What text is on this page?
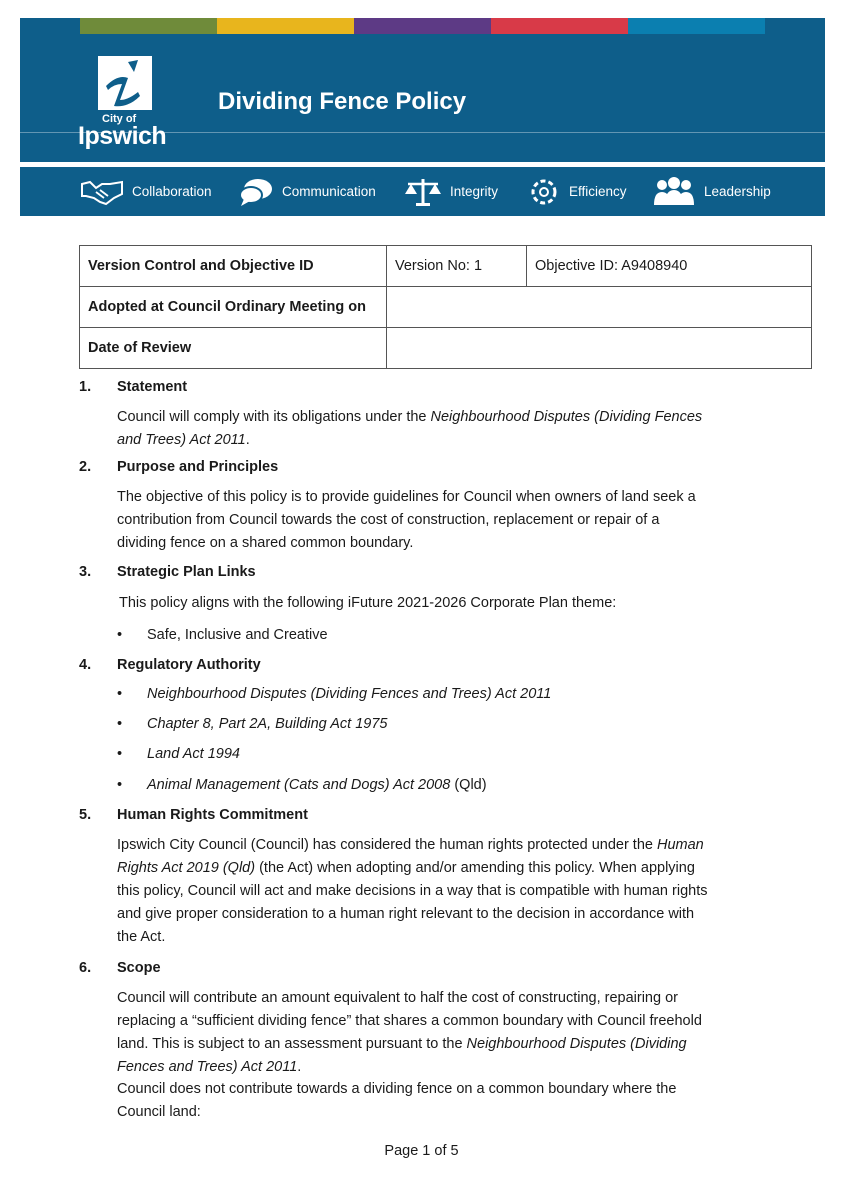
City of
Ipswich
Dividing Fence Policy
Collaboration	Communication	Integrity	Efficiency	Leadership
Version Control and Objective ID	Version No: 1	Objective ID: A9408940
Adopted at Council Ordinary Meeting on		
Date of Review		
1. Statement
Council will comply with its obligations under the Neighbourhood Disputes (Dividing Fences
and Trees) Act 2011.
2. Purpose and Principles
The objective of this policy is to provide guidelines for Council when owners of land seek a
contribution from Council towards the cost of construction, replacement or repair of a
dividing fence on a shared common boundary.
3. Strategic Plan Links
This policy aligns with the following iFuture 2021-2026 Corporate Plan theme:
• Safe, Inclusive and Creative
4. Regulatory Authority
• Neighbourhood Disputes (Dividing Fences and Trees) Act 2011
• Chapter 8, Part 2A, Building Act 1975
• Land Act 1994
• Animal Management (Cats and Dogs) Act 2008 (Qld)
5. Human Rights Commitment
Ipswich City Council (Council) has considered the human rights protected under the Human
Rights Act 2019 (Qld) (the Act) when adopting and/or amending this policy. When applying
this policy, Council will act and make decisions in a way that is compatible with human rights
and give proper consideration to a human right relevant to the decision in accordance with
the Act.
6. Scope
Council will contribute an amount equivalent to half the cost of constructing, repairing or
replacing a “sufficient dividing fence” that shares a common boundary with Council freehold
land. This is subject to an assessment pursuant to the Neighbourhood Disputes (Dividing
Fences and Trees) Act 2011.
Council does not contribute towards a dividing fence on a common boundary where the
Council land:
Page 1 of 5
